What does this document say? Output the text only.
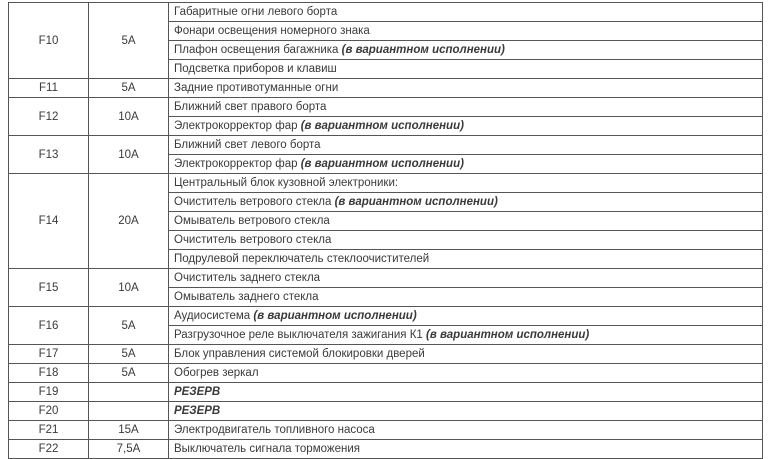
F10	5A	Габаритные огни левого борта
		Фонари освещения номерного знака
		Плафон освещения багажника (в вариантном исполнении)
		Подсветка приборов и клавиш
F11	5A	Задние противотуманные огни
F12	10A	Ближний свет правого борта
		Электрокорректор фар (в вариантном исполнении)
F13	10A	Ближний свет левого борта
		Электрокорректор фар (в вариантном исполнении)
F14	20A	Центральный блок кузовной электроники:
		Очиститель ветрового стекла (в вариантном исполнении)
		Омыватель ветрового стекла
		Очиститель ветрового стекла
		Подрулевой переключатель стеклоочистителей
F15	10A	Очиститель заднего стекла
		Омыватель заднего стекла
F16	5A	Аудиосистема (в вариантном исполнении)
		Разгрузочное реле выключателя зажигания К1 (в вариантном исполнении)
F17	5A	Блок управления системой блокировки дверей
F18	5A	Обогрев зеркал
F19		РЕЗЕРВ
F20		РЕЗЕРВ
F21	15A	Электродвигатель топливного насоса
F22	7,5A	Выключатель сигнала торможения
